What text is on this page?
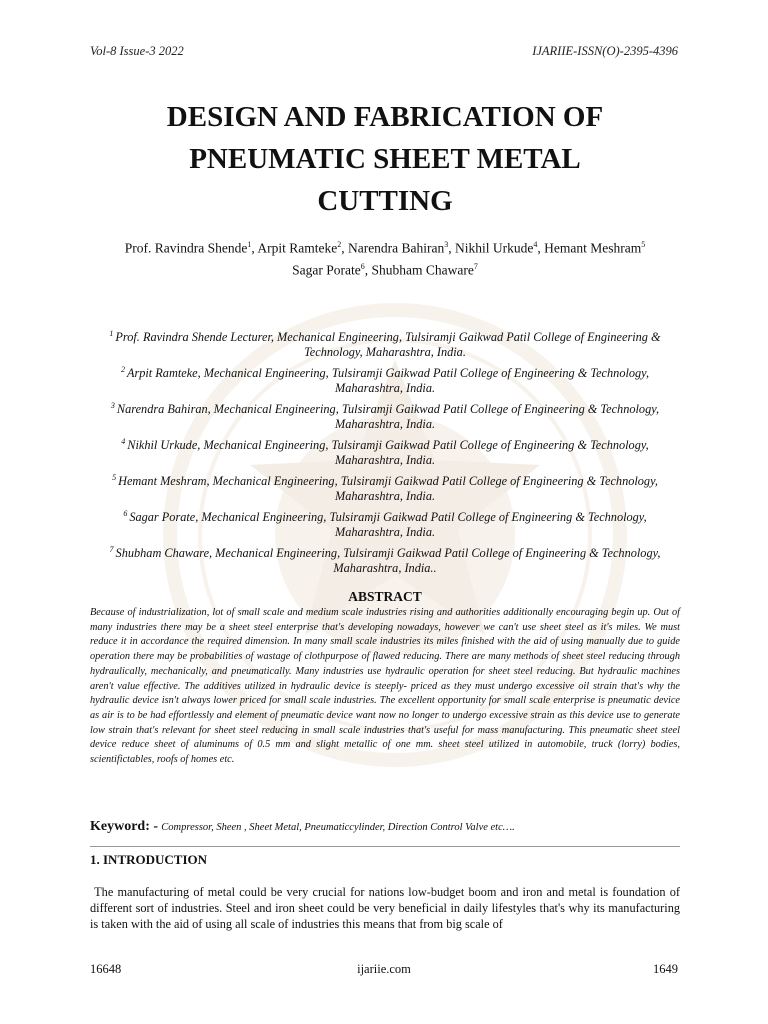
Vol-8 Issue-3 2022	IJARIIE-ISSN(O)-2395-4396
DESIGN AND FABRICATION OF
PNEUMATIC SHEET METAL
CUTTING
Prof. Ravindra Shende$^1$, Arpit Ramteke$^2$, Narendra Bahiran$^3$, Nikhil Urkude$^4$, Hemant Meshram$^5$
Sagar Porate$^6$, Shubham Chaware$^7$
$^1$ Prof. Ravindra Shende Lecturer, Mechanical Engineering, Tulsiramji Gaikwad Patil College of Engineering & Technology, Maharashtra, India.
$^2$ Arpit Ramteke, Mechanical Engineering, Tulsiramji Gaikwad Patil College of Engineering & Technology, Maharashtra, India.
$^3$ Narendra Bahiran, Mechanical Engineering, Tulsiramji Gaikwad Patil College of Engineering & Technology, Maharashtra, India.
$^4$ Nikhil Urkude, Mechanical Engineering, Tulsiramji Gaikwad Patil College of Engineering & Technology, Maharashtra, India.
$^5$ Hemant Meshram, Mechanical Engineering, Tulsiramji Gaikwad Patil College of Engineering & Technology, Maharashtra, India.
$^6$ Sagar Porate, Mechanical Engineering, Tulsiramji Gaikwad Patil College of Engineering & Technology, Maharashtra, India.
$^7$ Shubham Chaware, Mechanical Engineering, Tulsiramji Gaikwad Patil College of Engineering & Technology, Maharashtra, India..
ABSTRACT
Because of industrialization, lot of small scale and medium scale industries rising and authorities additionally encouraging begin up. Out of many industries there may be a sheet steel enterprise that's developing nowadays, however we can't use sheet steel as it's miles. We must reduce it in accordance the required dimension. In many small scale industries its miles finished with the aid of using manually due to guide operation there may be probabilities of wastage of clothpurpose of flawed reducing. There are many methods of sheet steel reducing through hydraulically, mechanically, and pneumatically. Many industries use hydraulic operation for sheet steel reducing. But hydraulic machines aren't value effective. The additives utilized in hydraulic device is steeply- priced as they must undergo excessive oil strain that's why the hydraulic device isn't always lower priced for small scale industries. The excellent opportunity for small scale enterprise is pneumatic device as air is to be had effortlessly and element of pneumatic device want now no longer to undergo excessive strain as this device use to generate low strain that's relevant for sheet steel reducing in small scale industries that's useful for mass manufacturing. This pneumatic sheet steel device reduce sheet of aluminums of 0.5 mm and slight metallic of one mm. sheet steel utilized in automobile, truck (lorry) bodies, scientifictables, roofs of homes etc.
Keyword: - Compressor, Sheen , Sheet Metal, Pneumaticcylinder, Direction Control Valve etc….
1. INTRODUCTION
The manufacturing of metal could be very crucial for nations low-budget boom and iron and metal is foundation of different sort of industries. Steel and iron sheet could be very beneficial in daily lifestyles that's why its manufacturing is taken with the aid of using all scale of industries this means that from big scale of
16648	ijariie.com	1649
